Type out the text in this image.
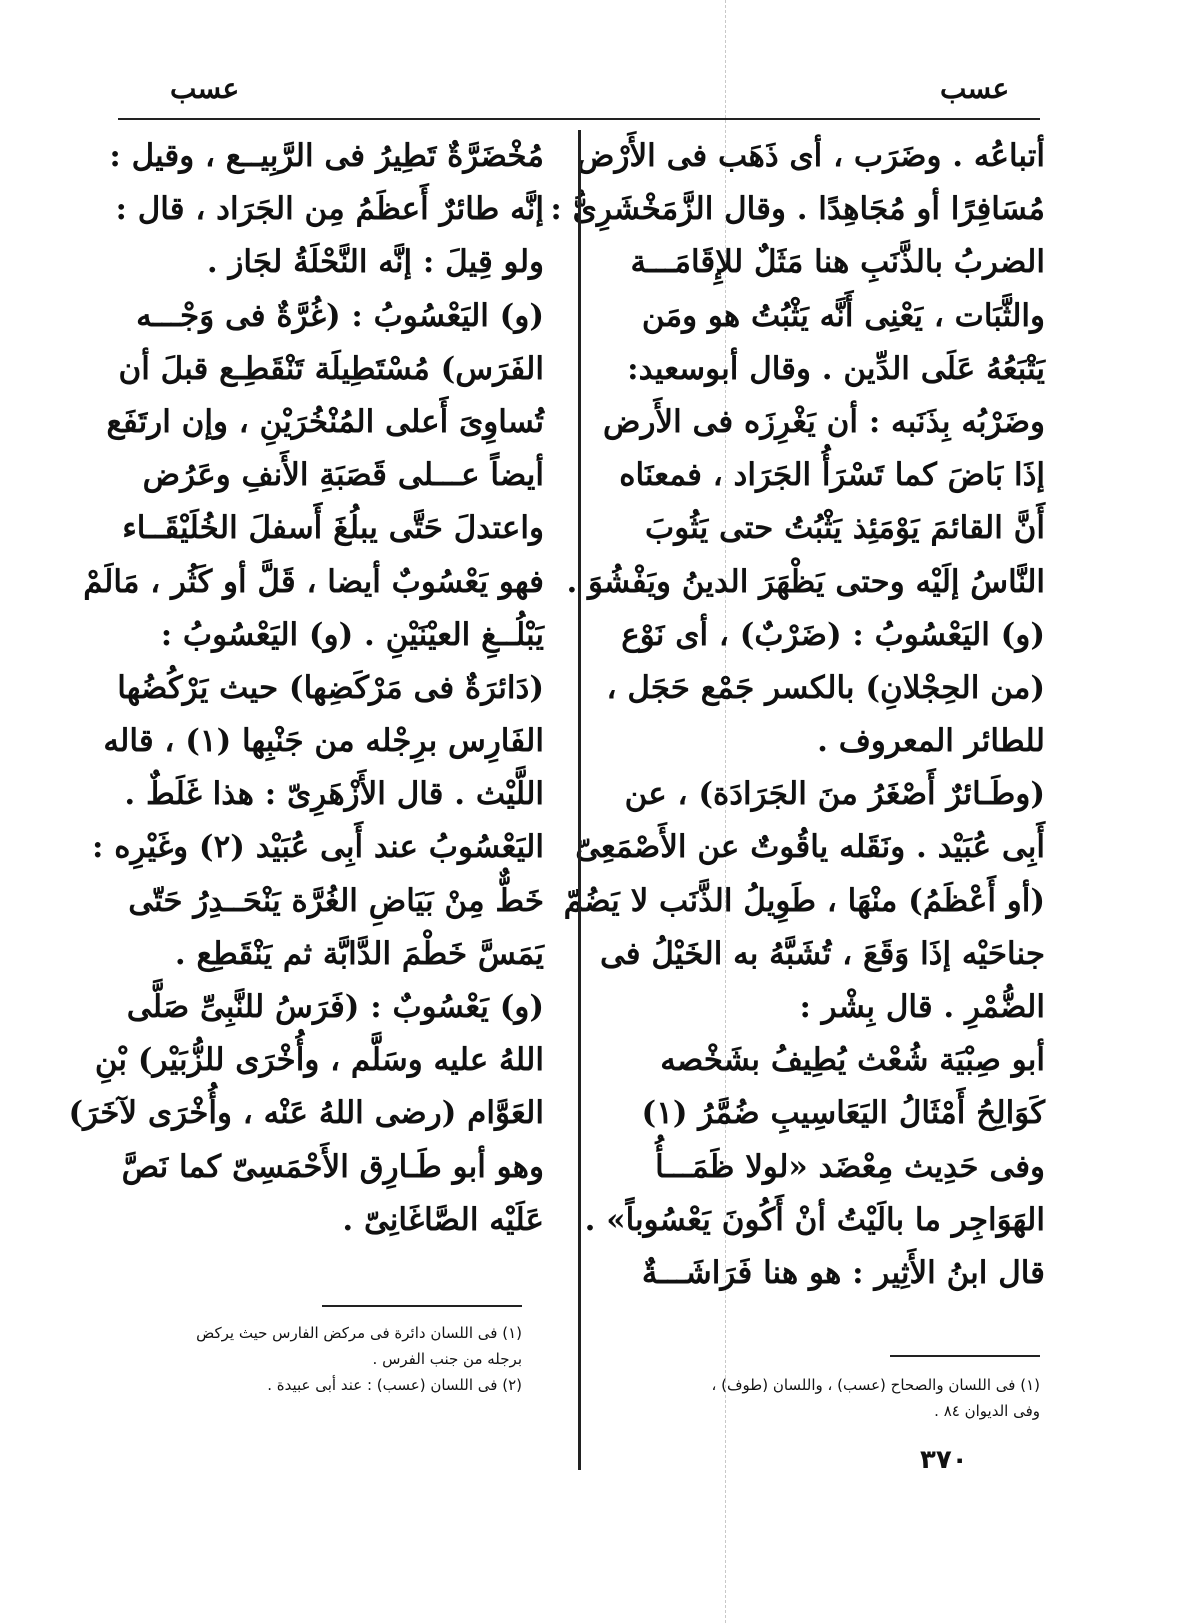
عسب
عسب
أتباعُه . وضَرَب ، أى ذَهَب فى الأَرْض
مُسَافِرًا أو مُجَاهِدًا . وقال الزَّمَخْشَرِىُّ :
الضربُ بالذَّنَبِ هنا مَثَلٌ للإِقَامَـــة
والثَّبَات ، يَعْنِى أَنَّه يَثْبُتُ هو ومَن
يَتْبَعُهُ عَلَى الدِّين . وقال أبوسعيد:
وضَرْبُه بِذَنَبه : أن يَغْرِزَه فى الأَرض
إذَا بَاضَ كما تَسْرَأُ الجَرَاد ، فمعنَاه
أَنَّ القائمَ يَوْمَئِذ يَثْبُتُ حتى يَثُوبَ
النَّاسُ إلَيْه وحتى يَظْهَرَ الدينُ ويَفْشُوَ .
(و) اليَعْسُوبُ : (ضَرْبٌ) ، أى نَوْع
(من الحِجْلانِ) بالكسر جَمْع حَجَل ،
للطائر المعروف .
(وطَـائرٌ أَصْغَرُ منَ الجَرَادَة) ، عن
أَبِى عُبَيْد . ونَقَله ياقُوتٌ عن الأَصْمَعِىّ
(أو أَعْظَمُ) منْهَا ، طَوِيلُ الذَّنَب لا يَضُمّ
جناحَيْه إذَا وَقَعَ ، تُشَبَّهُ به الخَيْلُ فى
الضُّمْرِ . قال بِشْر :
أبو صِبْيَة شُعْث يُطِيفُ بشَخْصه
كَوَالِحُ أَمْثَالُ اليَعَاسِيبِ ضُمَّرُ (١)
وفى حَدِيث مِعْضَد «لولا ظَمَـــأُ
الهَوَاجِر ما بالَيْتُ أنْ أَكُونَ يَعْسُوباً» .
قال ابنُ الأَثِير : هو هنا فَرَاشَـــةٌ
مُخْضَرَّةٌ تَطِيرُ فى الرَّبِيــع ، وقيل :
إنَّه طائرٌ أَعظَمُ مِن الجَرَاد ، قال :
ولو قِيلَ : إنَّه النَّحْلَةُ لجَاز .
(و) اليَعْسُوبُ : (غُرَّةٌ فى وَجْـــه
الفَرَس) مُسْتَطِيلَة تَنْقَطِـع قبلَ أن
تُساوِىَ أَعلى المُنْخُرَيْنِ ، وإن ارتَفَع
أيضاً عـــلى قَصَبَةِ الأَنفِ وعَرُض
واعتدلَ حَتَّى يبلُغَ أَسفلَ الخُلَيْقَــاء
فهو يَعْسُوبٌ أيضا ، قَلَّ أو كَثُر ، مَالَمْ
يَبْلُــغِ العيْنَيْنِ . (و) اليَعْسُوبُ :
(دَائرَةٌ فى مَرْكَضِها) حيث يَرْكُضُها
الفَارِس برِجْله من جَنْبِها (١) ، قاله
اللَّيْث . قال الأَزْهَرِىّ : هذا غَلَطٌ .
اليَعْسُوبُ عند أَبِى عُبَيْد (٢) وغَيْرِه :
خَطٌّ مِنْ بَيَاضِ الغُرَّة يَنْحَــدِرُ حَتّى
يَمَسَّ خَطْمَ الدَّابَّة ثم يَنْقَطِع .
(و) يَعْسُوبٌ : (فَرَسُ للنَّبِىِّ صَلَّى
اللهُ عليه وسَلَّم ، وأُخْرَى للزُّبَيْر) بْنِ
العَوَّام (رضى اللهُ عَنْه ، وأُخْرَى لآخَرَ)
وهو أبو طَـارِق الأَحْمَسِىّ كما نَصَّ
عَلَيْه الصَّاغَانِىّ .
(١) فى اللسان دائرة فى مركض الفارس حيث يركض
برجله من جنب الفرس .
(٢) فى اللسان (عسب) : عند أبى عبيدة .	(١) فى اللسان والصحاح (عسب) ، واللسان (طوف) ،
وفى الديوان ٨٤ .
٣٧٠
